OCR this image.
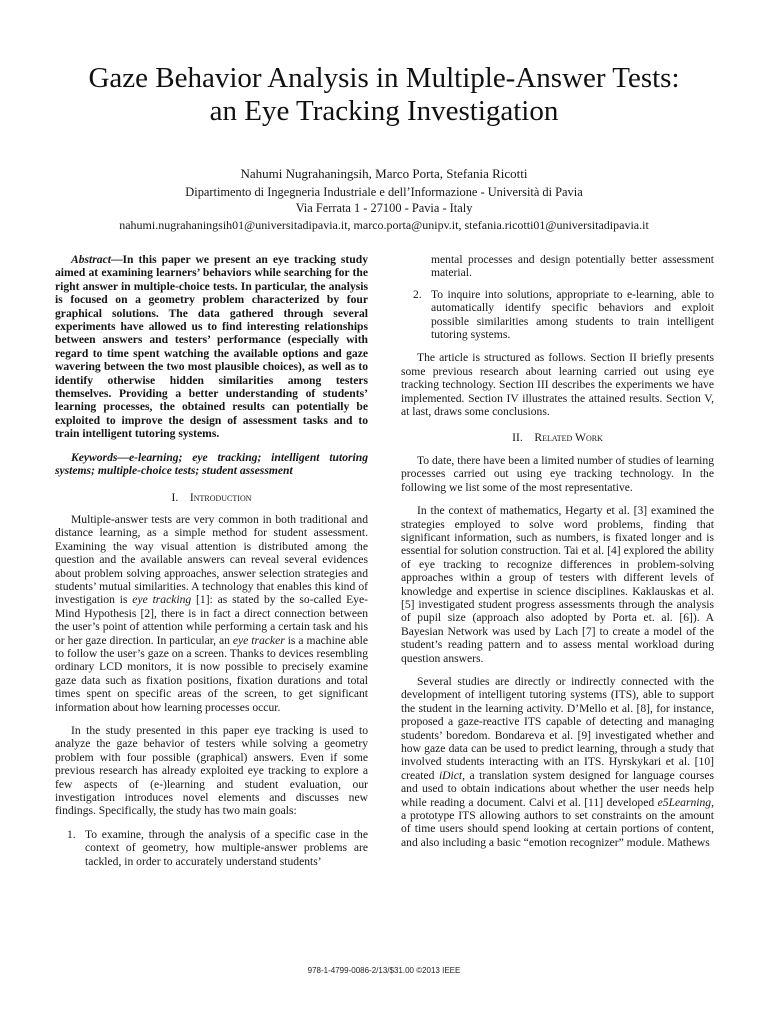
Gaze Behavior Analysis in Multiple-Answer Tests:
an Eye Tracking Investigation
Nahumi Nugrahaningsih, Marco Porta, Stefania Ricotti
Dipartimento di Ingegneria Industriale e dell’Informazione - Università di Pavia
Via Ferrata 1 - 27100 - Pavia - Italy
nahumi.nugrahaningsih01@universitadipavia.it, marco.porta@unipv.it, stefania.ricotti01@universitadipavia.it

Abstract—In this paper we present an eye tracking study aimed at examining learners’ behaviors while searching for the right answer in multiple-choice tests. In particular, the analysis is focused on a geometry problem characterized by four graphical solutions. The data gathered through several experiments have allowed us to find interesting relationships between answers and testers’ performance (especially with regard to time spent watching the available options and gaze wavering between the two most plausible choices), as well as to identify otherwise hidden similarities among testers themselves. Providing a better understanding of students’ learning processes, the obtained results can potentially be exploited to improve the design of assessment tasks and to train intelligent tutoring systems.

Keywords—e-learning; eye tracking; intelligent tutoring systems; multiple-choice tests; student assessment

I. Introduction

Multiple-answer tests are very common in both traditional and distance learning, as a simple method for student assessment. Examining the way visual attention is distributed among the question and the available answers can reveal several evidences about problem solving approaches, answer selection strategies and students’ mutual similarities. A technology that enables this kind of investigation is eye tracking [1]: as stated by the so-called Eye-Mind Hypothesis [2], there is in fact a direct connection between the user’s point of attention while performing a certain task and his or her gaze direction. In particular, an eye tracker is a machine able to follow the user’s gaze on a screen. Thanks to devices resembling ordinary LCD monitors, it is now possible to precisely examine gaze data such as fixation positions, fixation durations and total times spent on specific areas of the screen, to get significant information about how learning processes occur.

In the study presented in this paper eye tracking is used to analyze the gaze behavior of testers while solving a geometry problem with four possible (graphical) answers. Even if some previous research has already exploited eye tracking to explore a few aspects of (e-)learning and student evaluation, our investigation introduces novel elements and discusses new findings. Specifically, the study has two main goals:

1. To examine, through the analysis of a specific case in the context of geometry, how multiple-answer problems are tackled, in order to accurately understand students’
mental processes and design potentially better assessment material.
2. To inquire into solutions, appropriate to e-learning, able to automatically identify specific behaviors and exploit possible similarities among students to train intelligent tutoring systems.

The article is structured as follows. Section II briefly presents some previous research about learning carried out using eye tracking technology. Section III describes the experiments we have implemented. Section IV illustrates the attained results. Section V, at last, draws some conclusions.

II. Related Work

To date, there have been a limited number of studies of learning processes carried out using eye tracking technology. In the following we list some of the most representative.

In the context of mathematics, Hegarty et al. [3] examined the strategies employed to solve word problems, finding that significant information, such as numbers, is fixated longer and is essential for solution construction. Tai et al. [4] explored the ability of eye tracking to recognize differences in problem-solving approaches within a group of testers with different levels of knowledge and expertise in science disciplines. Kaklauskas et al. [5] investigated student progress assessments through the analysis of pupil size (approach also adopted by Porta et. al. [6]). A Bayesian Network was used by Lach [7] to create a model of the student’s reading pattern and to assess mental workload during question answers.

Several studies are directly or indirectly connected with the development of intelligent tutoring systems (ITS), able to support the student in the learning activity. D’Mello et al. [8], for instance, proposed a gaze-reactive ITS capable of detecting and managing students’ boredom. Bondareva et al. [9] investigated whether and how gaze data can be used to predict learning, through a study that involved students interacting with an ITS. Hyrskykari et al. [10] created iDict, a translation system designed for language courses and used to obtain indications about whether the user needs help while reading a document. Calvi et al. [11] developed e5Learning, a prototype ITS allowing authors to set constraints on the amount of time users should spend looking at certain portions of content, and also including a basic “emotion recognizer” module. Mathews

978-1-4799-0086-2/13/$31.00 ©2013 IEEE
